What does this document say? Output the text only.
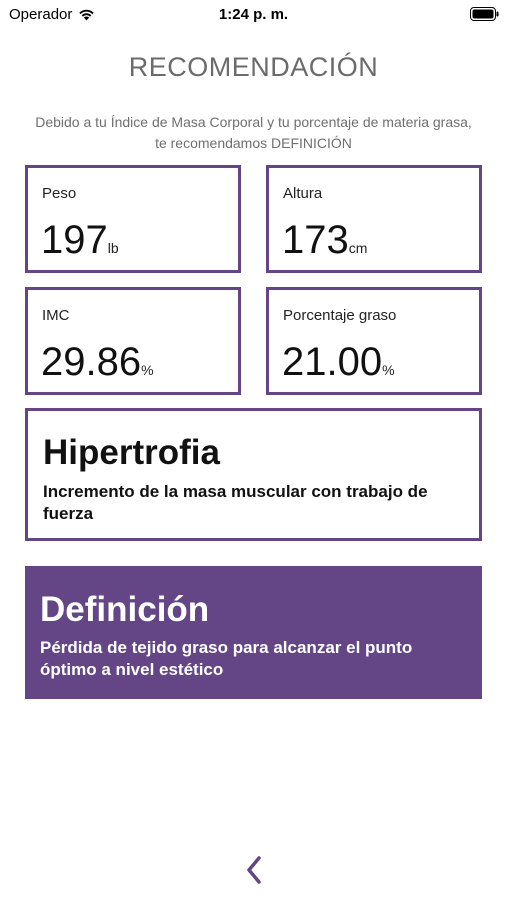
Operador	1:24 p. m.
RECOMENDACIÓN
Debido a tu Índice de Masa Corporal y tu porcentaje de materia grasa, te recomendamos DEFINICIÓN
Peso
197lb
Altura
173cm
IMC
29.86%
Porcentaje graso
21.00%
Hipertrofia
Incremento de la masa muscular con trabajo de fuerza
Definición
Pérdida de tejido graso para alcanzar el punto óptimo a nivel estético
